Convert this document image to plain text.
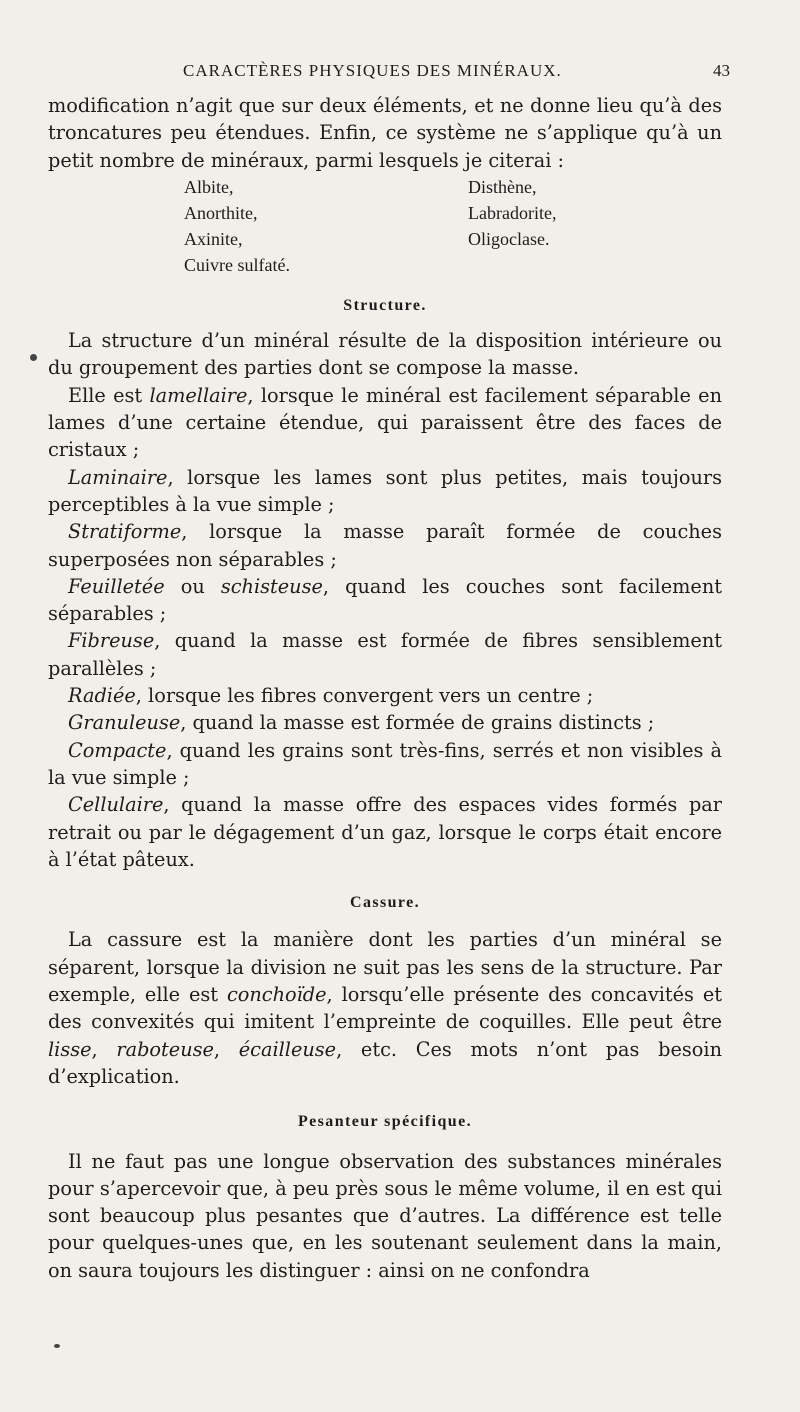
CARACTÈRES PHYSIQUES DES MINÉRAUX.	43

modification n’agit que sur deux éléments, et ne donne lieu qu’à des troncatures peu étendues. Enfin, ce système ne s’applique qu’à un petit nombre de minéraux, parmi lesquels je citerai :

Albite,	Disthène,
Anorthite,	Labradorite,
Axinite,	Oligoclase.
Cuivre sulfaté.
Structure.

La structure d’un minéral résulte de la disposition intérieure ou du groupement des parties dont se compose la masse.

Elle est lamellaire, lorsque le minéral est facilement séparable en lames d’une certaine étendue, qui paraissent être des faces de cristaux ;

Laminaire, lorsque les lames sont plus petites, mais toujours perceptibles à la vue simple ;

Stratiforme, lorsque la masse paraît formée de couches superposées non séparables ;

Feuilletée ou schisteuse, quand les couches sont facilement séparables ;

Fibreuse, quand la masse est formée de fibres sensiblement parallèles ;

Radiée, lorsque les fibres convergent vers un centre ;

Granuleuse, quand la masse est formée de grains distincts ;

Compacte, quand les grains sont très-fins, serrés et non visibles à la vue simple ;

Cellulaire, quand la masse offre des espaces vides formés par retrait ou par le dégagement d’un gaz, lorsque le corps était encore à l’état pâteux.

Cassure.

La cassure est la manière dont les parties d’un minéral se séparent, lorsque la division ne suit pas les sens de la structure. Par exemple, elle est conchoïde, lorsqu’elle présente des concavités et des convexités qui imitent l’empreinte de coquilles. Elle peut être lisse, raboteuse, écailleuse, etc. Ces mots n’ont pas besoin d’explication.

Pesanteur spécifique.

Il ne faut pas une longue observation des substances minérales pour s’apercevoir que, à peu près sous le même volume, il en est qui sont beaucoup plus pesantes que d’autres. La différence est telle pour quelques-unes que, en les soutenant seulement dans la main, on saura toujours les distinguer : ainsi on ne confondra
